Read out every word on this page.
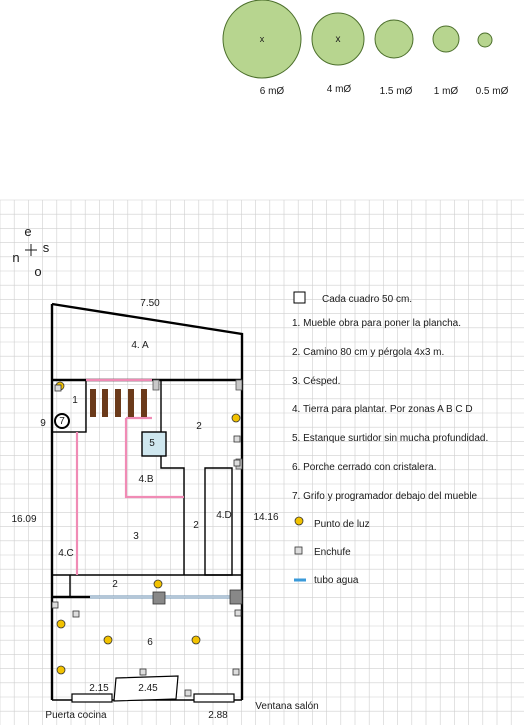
x	x
6 mØ	4 mØ	1.5 mØ 1 mØ 0.5 mØ
e
n
s
o
4. A
1
9 7	2
5
4.B
2
4.D
3
4.C
2
6
7.50
16.09	14.16
2.15	2.45
2.88
Puerta cocina
Ventana salón
Cada cuadro 50 cm.
1. Mueble obra para poner la plancha.
2. Camino 80 cm y pérgola 4x3 m.
3. Césped.
4. Tierra para plantar. Por zonas A B C D
5. Estanque surtidor sin mucha profundidad.
6. Porche cerrado con cristalera.
7. Grifo y programador debajo del mueble
Punto de luz
Enchufe
tubo agua
